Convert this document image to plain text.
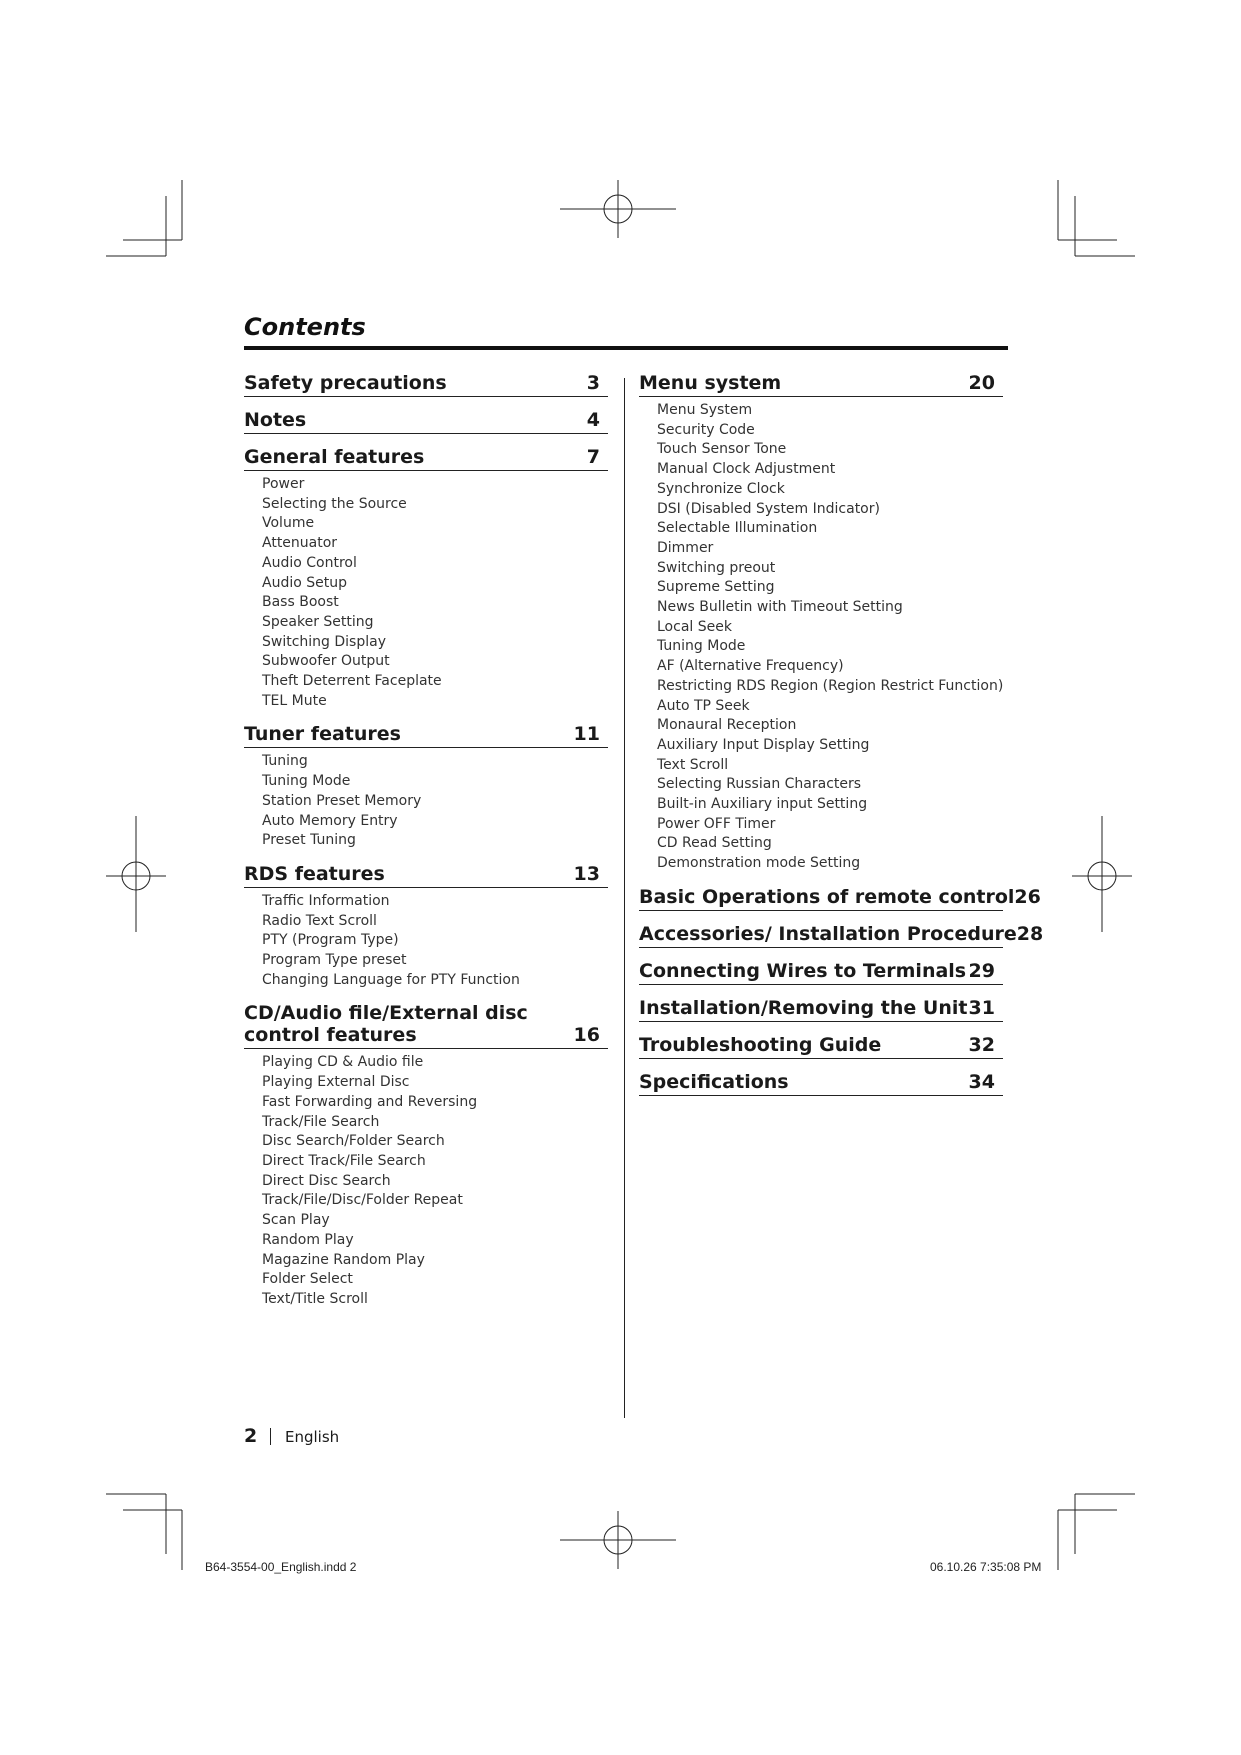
Contents
Safety precautions	3
Notes	4
General features	7
Power
Selecting the Source
Volume
Attenuator
Audio Control
Audio Setup
Bass Boost
Speaker Setting
Switching Display
Subwoofer Output
Theft Deterrent Faceplate
TEL Mute
Tuner features	11
Tuning
Tuning Mode
Station Preset Memory
Auto Memory Entry
Preset Tuning
RDS features	13
Traffic Information
Radio Text Scroll
PTY (Program Type)
Program Type preset
Changing Language for PTY Function
CD/Audio file/External disc control features	16
Playing CD & Audio file
Playing External Disc
Fast Forwarding and Reversing
Track/File Search
Disc Search/Folder Search
Direct Track/File Search
Direct Disc Search
Track/File/Disc/Folder Repeat
Scan Play
Random Play
Magazine Random Play
Folder Select
Text/Title Scroll
Menu system	20
Menu System
Security Code
Touch Sensor Tone
Manual Clock Adjustment
Synchronize Clock
DSI (Disabled System Indicator)
Selectable Illumination
Dimmer
Switching preout
Supreme Setting
News Bulletin with Timeout Setting
Local Seek
Tuning Mode
AF (Alternative Frequency)
Restricting RDS Region (Region Restrict Function)
Auto TP Seek
Monaural Reception
Auxiliary Input Display Setting
Text Scroll
Selecting Russian Characters
Built-in Auxiliary input Setting
Power OFF Timer
CD Read Setting
Demonstration mode Setting
Basic Operations of remote control 26
Accessories/ Installation Procedure 28
Connecting Wires to Terminals 29
Installation/Removing the Unit 31
Troubleshooting Guide	32
Specifications	34
2 English
B64-3554-00_English.indd 2	06.10.26 7:35:08 PM
